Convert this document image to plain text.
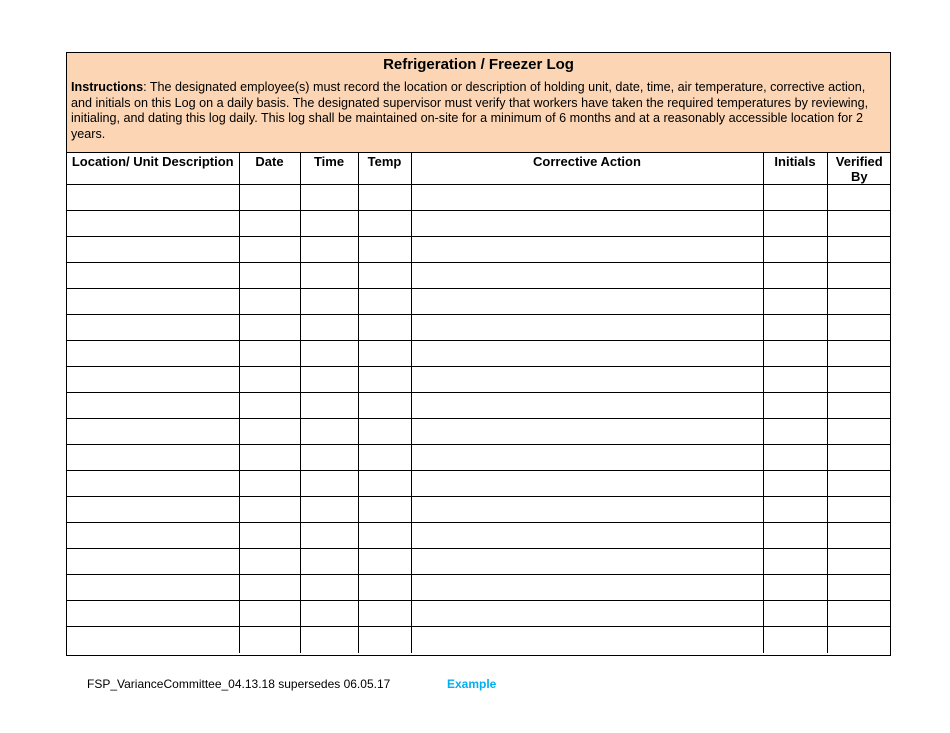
Refrigeration / Freezer Log
Instructions: The designated employee(s) must record the location or description of holding unit, date, time, air temperature, corrective action, and initials on this Log on a daily basis. The designated supervisor must verify that workers have taken the required temperatures by reviewing, initialing, and dating this log daily. This log shall be maintained on-site for a minimum of 6 months and at a reasonably accessible location for 2 years.
Location/ Unit Description	Date	Time	Temp	Corrective Action	Initials	Verified By

FSP_VarianceCommittee_04.13.18 supersedes 06.05.17	Example
